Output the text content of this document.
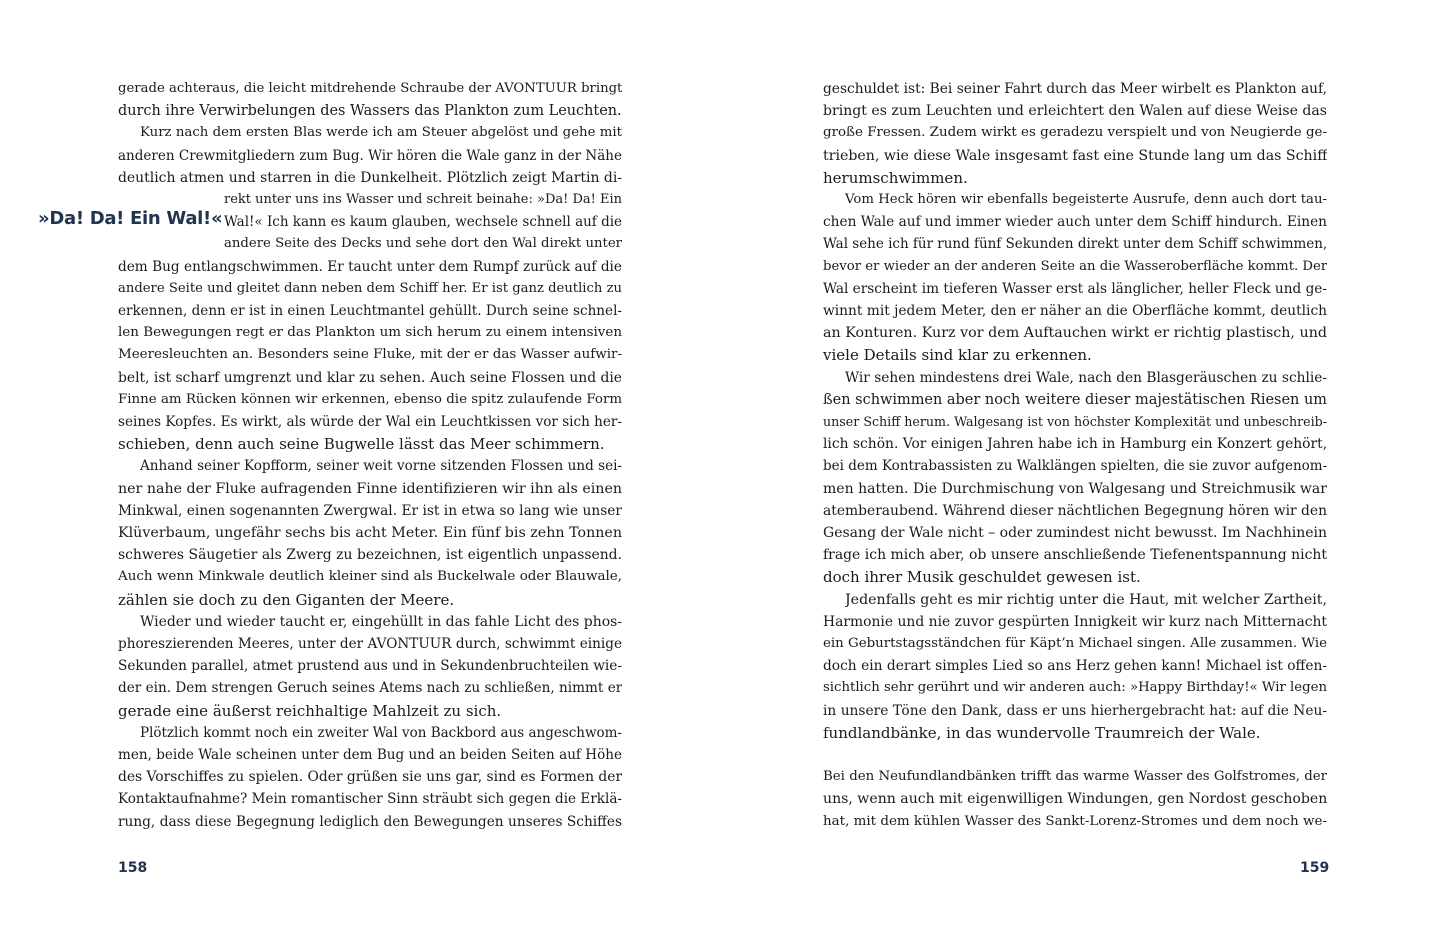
»Da! Da! Ein Wal!«
158
gerade achteraus, die leicht mitdrehende Schraube der AVONTUUR bringt
durch ihre Verwirbelungen des Wassers das Plankton zum Leuchten.
Kurz nach dem ersten Blas werde ich am Steuer abgelöst und gehe mit
anderen Crewmitgliedern zum Bug. Wir hören die Wale ganz in der Nähe
deutlich atmen und starren in die Dunkelheit. Plötzlich zeigt Martin di-
rekt unter uns ins Wasser und schreit beinahe: »Da! Da! Ein
Wal!« Ich kann es kaum glauben, wechsele schnell auf die
andere Seite des Decks und sehe dort den Wal direkt unter
dem Bug entlangschwimmen. Er taucht unter dem Rumpf zurück auf die
andere Seite und gleitet dann neben dem Schiff her. Er ist ganz deutlich zu
erkennen, denn er ist in einen Leuchtmantel gehüllt. Durch seine schnel-
len Bewegungen regt er das Plankton um sich herum zu einem intensiven
Meeresleuchten an. Besonders seine Fluke, mit der er das Wasser aufwir-
belt, ist scharf umgrenzt und klar zu sehen. Auch seine Flossen und die
Finne am Rücken können wir erkennen, ebenso die spitz zulaufende Form
seines Kopfes. Es wirkt, als würde der Wal ein Leuchtkissen vor sich her-
schieben, denn auch seine Bugwelle lässt das Meer schimmern.
Anhand seiner Kopfform, seiner weit vorne sitzenden Flossen und sei-
ner nahe der Fluke aufragenden Finne identifizieren wir ihn als einen
Minkwal, einen sogenannten Zwergwal. Er ist in etwa so lang wie unser
Klüverbaum, ungefähr sechs bis acht Meter. Ein fünf bis zehn Tonnen
schweres Säugetier als Zwerg zu bezeichnen, ist eigentlich unpassend.
Auch wenn Minkwale deutlich kleiner sind als Buckelwale oder Blauwale,
zählen sie doch zu den Giganten der Meere.
Wieder und wieder taucht er, eingehüllt in das fahle Licht des phos-
phoreszierenden Meeres, unter der AVONTUUR durch, schwimmt einige
Sekunden parallel, atmet prustend aus und in Sekundenbruchteilen wie-
der ein. Dem strengen Geruch seines Atems nach zu schließen, nimmt er
gerade eine äußerst reichhaltige Mahlzeit zu sich.
Plötzlich kommt noch ein zweiter Wal von Backbord aus angeschwom-
men, beide Wale scheinen unter dem Bug und an beiden Seiten auf Höhe
des Vorschiffes zu spielen. Oder grüßen sie uns gar, sind es Formen der
Kontaktaufnahme? Mein romantischer Sinn sträubt sich gegen die Erklä-
rung, dass diese Begegnung lediglich den Bewegungen unseres Schiffes
159
geschuldet ist: Bei seiner Fahrt durch das Meer wirbelt es Plankton auf,
bringt es zum Leuchten und erleichtert den Walen auf diese Weise das
große Fressen. Zudem wirkt es geradezu verspielt und von Neugierde ge-
trieben, wie diese Wale insgesamt fast eine Stunde lang um das Schiff
herumschwimmen.
Vom Heck hören wir ebenfalls begeisterte Ausrufe, denn auch dort tau-
chen Wale auf und immer wieder auch unter dem Schiff hindurch. Einen
Wal sehe ich für rund fünf Sekunden direkt unter dem Schiff schwimmen,
bevor er wieder an der anderen Seite an die Wasseroberfläche kommt. Der
Wal erscheint im tieferen Wasser erst als länglicher, heller Fleck und ge-
winnt mit jedem Meter, den er näher an die Oberfläche kommt, deutlich
an Konturen. Kurz vor dem Auftauchen wirkt er richtig plastisch, und
viele Details sind klar zu erkennen.
Wir sehen mindestens drei Wale, nach den Blasgeräuschen zu schlie-
ßen schwimmen aber noch weitere dieser majestätischen Riesen um
unser Schiff herum. Walgesang ist von höchster Komplexität und unbeschreib-
lich schön. Vor einigen Jahren habe ich in Hamburg ein Konzert gehört,
bei dem Kontrabassisten zu Walklängen spielten, die sie zuvor aufgenom-
men hatten. Die Durchmischung von Walgesang und Streichmusik war
atemberaubend. Während dieser nächtlichen Begegnung hören wir den
Gesang der Wale nicht – oder zumindest nicht bewusst. Im Nachhinein
frage ich mich aber, ob unsere anschließende Tiefenentspannung nicht
doch ihrer Musik geschuldet gewesen ist.
Jedenfalls geht es mir richtig unter die Haut, mit welcher Zartheit,
Harmonie und nie zuvor gespürten Innigkeit wir kurz nach Mitternacht
ein Geburtstagsständchen für Käpt’n Michael singen. Alle zusammen. Wie
doch ein derart simples Lied so ans Herz gehen kann! Michael ist offen-
sichtlich sehr gerührt und wir anderen auch: »Happy Birthday!« Wir legen
in unsere Töne den Dank, dass er uns hierhergebracht hat: auf die Neu-
fundlandbänke, in das wundervolle Traumreich der Wale.
Bei den Neufundlandbänken trifft das warme Wasser des Golfstromes, der
uns, wenn auch mit eigenwilligen Windungen, gen Nordost geschoben
hat, mit dem kühlen Wasser des Sankt-Lorenz-Stromes und dem noch we-
